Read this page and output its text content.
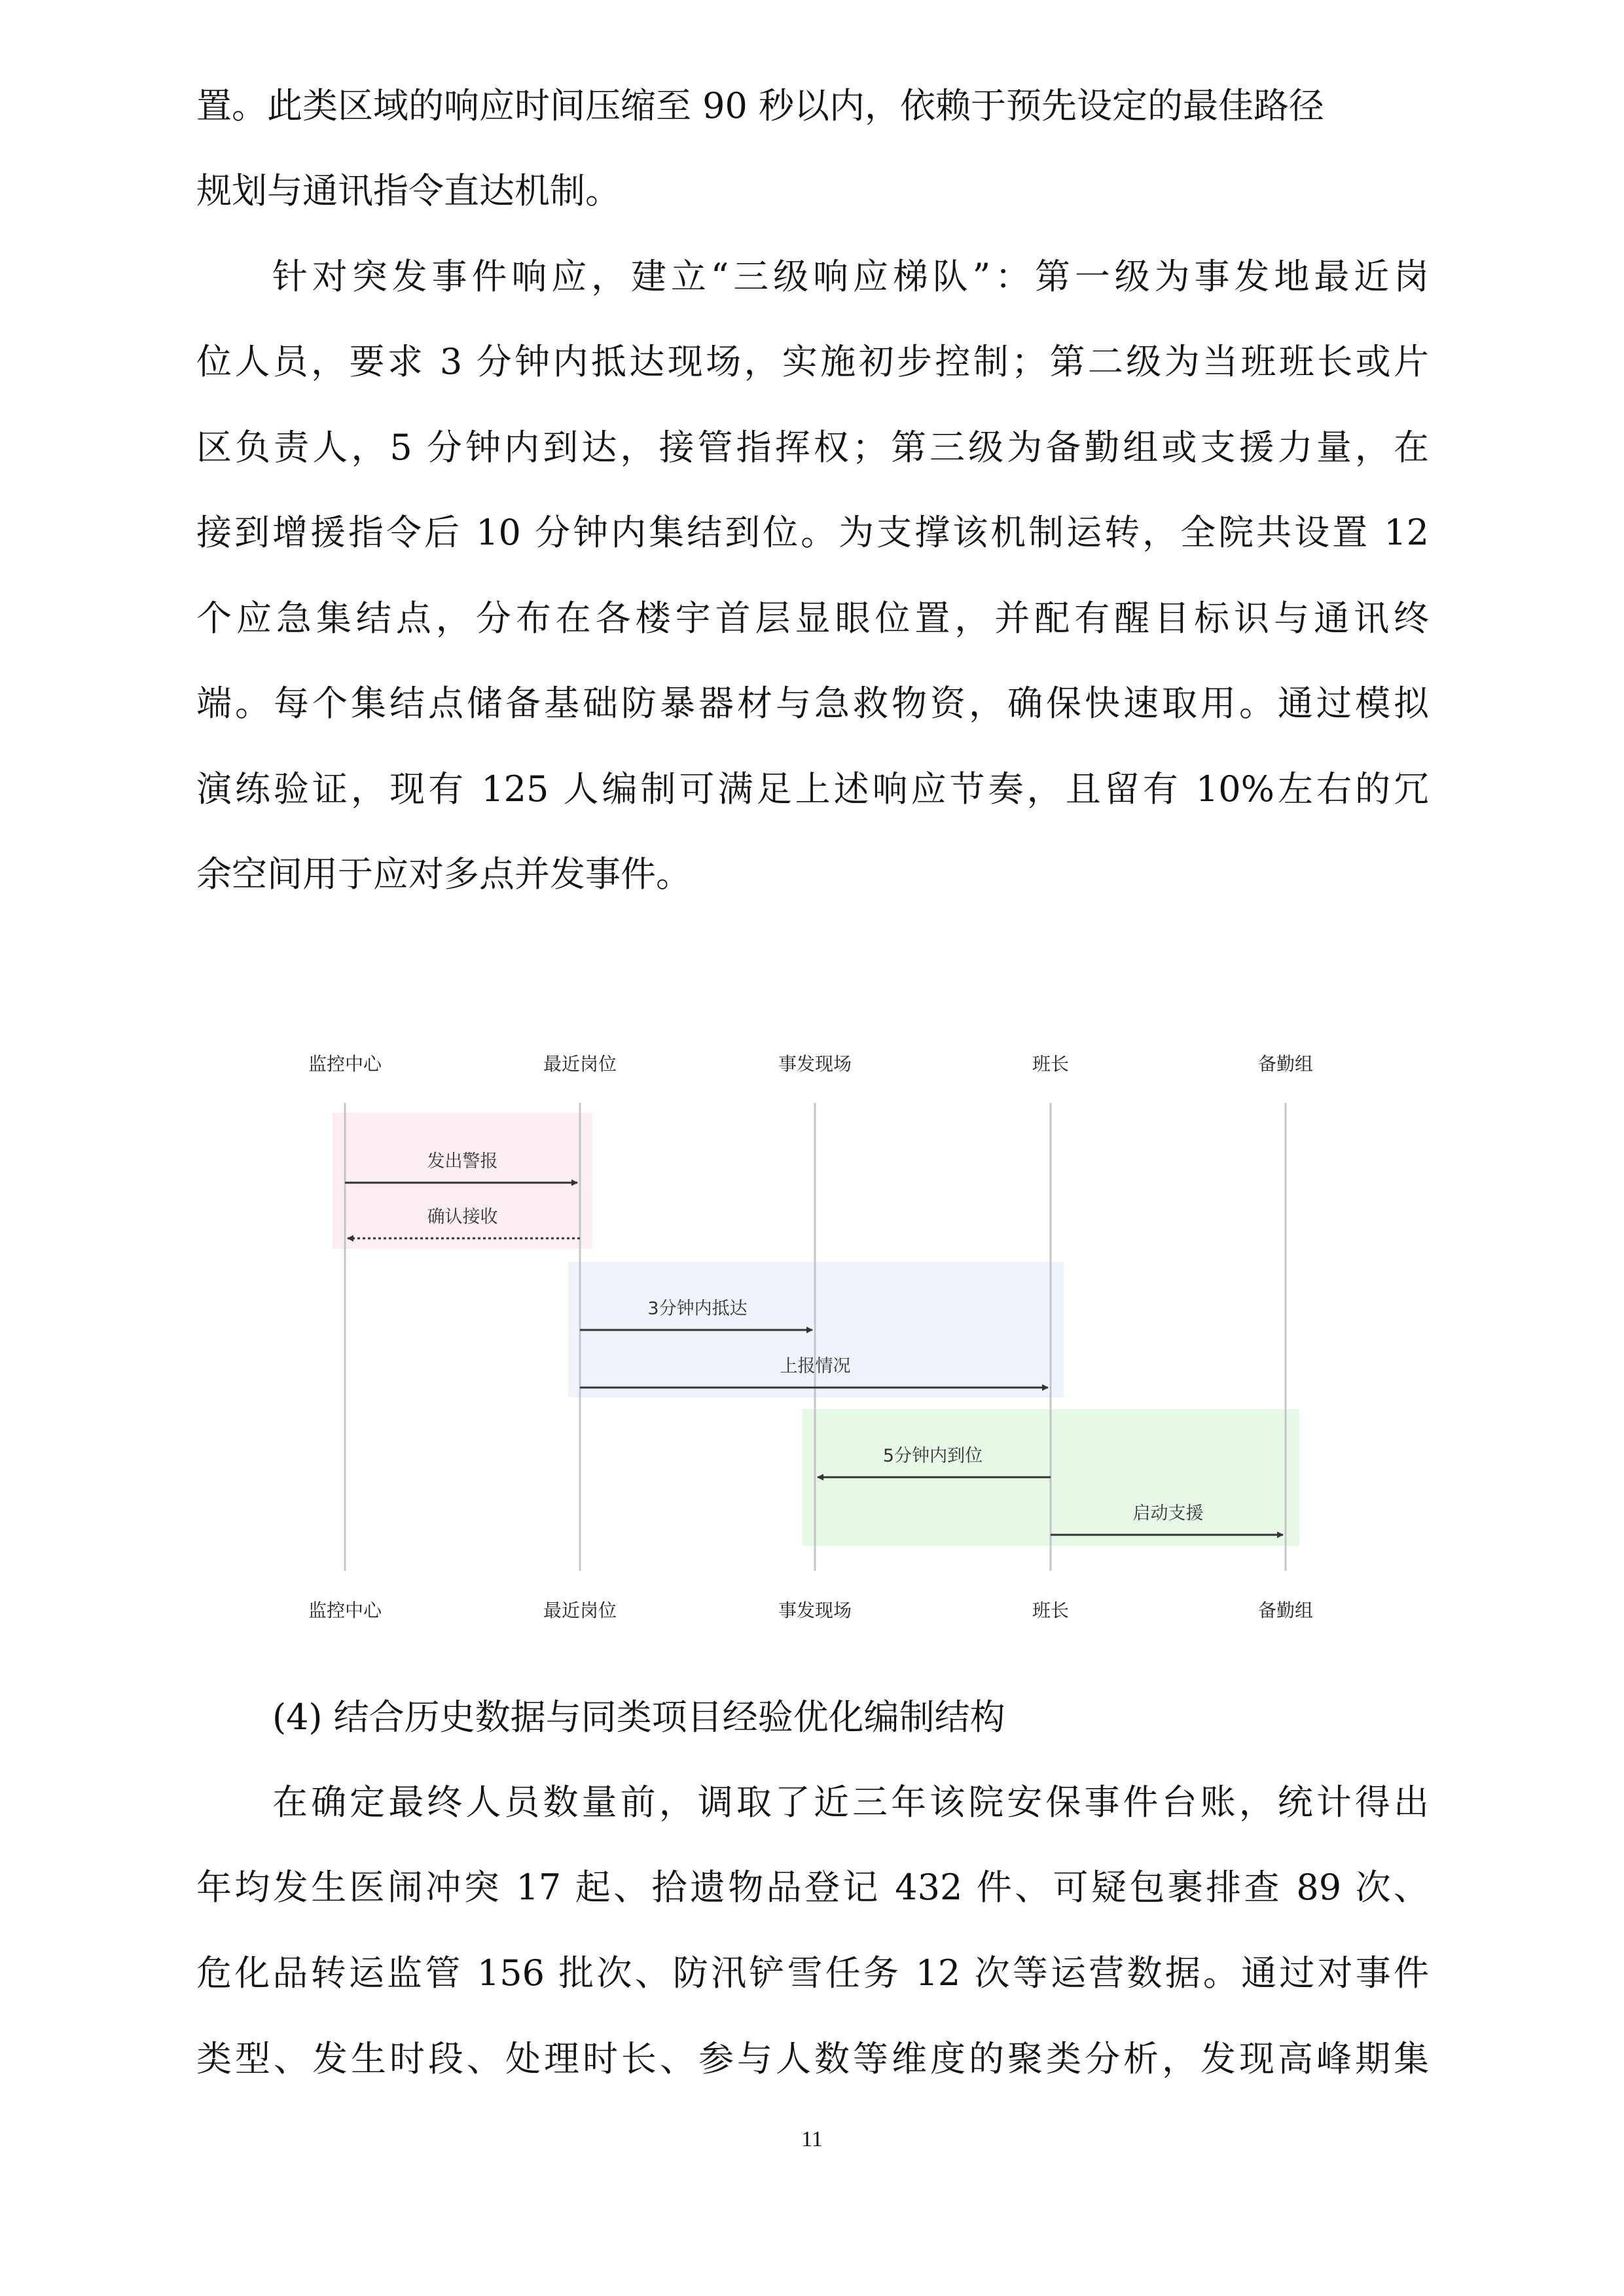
置。此类区域的响应时间压缩至 90 秒以内，依赖于预先设定的最佳路径
规划与通讯指令直达机制。
针对突发事件响应，建立“三级响应梯队”：第一级为事发地最近岗
位人员，要求 3 分钟内抵达现场，实施初步控制；第二级为当班班长或片
区负责人，5 分钟内到达，接管指挥权；第三级为备勤组或支援力量，在
接到增援指令后 10 分钟内集结到位。为支撑该机制运转，全院共设置 12
个应急集结点，分布在各楼宇首层显眼位置，并配有醒目标识与通讯终
端。每个集结点储备基础防暴器材与急救物资，确保快速取用。通过模拟
演练验证，现有 125 人编制可满足上述响应节奏，且留有 10%左右的冗
余空间用于应对多点并发事件。
发出警报
确认接收
3分钟内抵达
上报情况
5分钟内到位
启动支援
监控中心
监控中心
最近岗位
最近岗位
事发现场
事发现场
班长
班长
备勤组
备勤组
(4) 结合历史数据与同类项目经验优化编制结构
在确定最终人员数量前，调取了近三年该院安保事件台账，统计得出
年均发生医闹冲突 17 起、拾遗物品登记 432 件、可疑包裹排查 89 次、
危化品转运监管 156 批次、防汛铲雪任务 12 次等运营数据。通过对事件
类型、发生时段、处理时长、参与人数等维度的聚类分析，发现高峰期集
11
